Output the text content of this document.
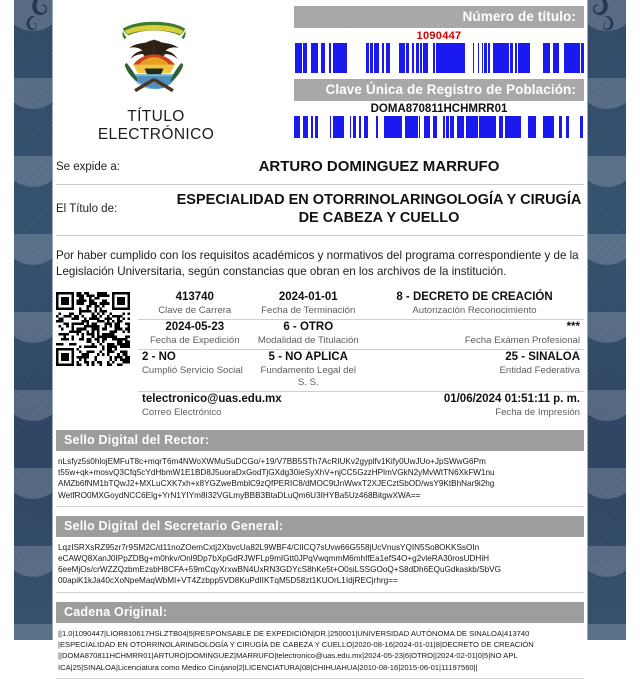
TÍTULO
ELECTRÓNICO
Número de título:
1090447
Clave Única de Registro de Población:
DOMA870811HCHMRR01
Se expide a:	ARTURO DOMINGUEZ MARRUFO
El Título de:
ESPECIALIDAD EN OTORRINOLARINGOLOGÍA Y CIRUGÍA DE CABEZA Y CUELLO
Por haber cumplido con los requisitos académicos y normativos del programa correspondiente y de la Legislación Universitaria, según constancias que obran en los archivos de la institución.
413740
Clave de Carrera
2024-01-01
Fecha de Terminación
8 - DECRETO DE CREACIÓN
Autorización Reconocimiento
2024-05-23
Fecha de Expedición
6 - OTRO
Modalidad de Titulación
***
Fecha Exámen Profesional
2 - NO
Cumplió Servicio Social
5 - NO APLICA
Fundamento Legal del S. S.
25 - SINALOA
Entidad Federativa
telectronico@uas.edu.mx
Correo Electrónico
01/06/2024 01:51:11 p. m.
Fecha de Impresión
Sello Digital del Rector:
nLsfyz5s0hlojEMFuT8c+mqrT6m4NWoXWMuSuDCGo/+19/V7BB5STh7AcRIUKv2gyplfv1Kify0UwJUo+JpSWwG6Pm
t55w+qk+mosvQ3Cfq5cYdHbmW1E1BD8J5uoraDxGodTjGXdg30ieSyXhV+njCC5GzzHPlmVGkN2yMvWtTN6XkFW1nu
AMZb6fNM1bTQwJ2+MXLuCXK7xh+x8YGZweBmblC9zQfPERIC8/dMOC9tJnWwxT2XJECztSbOD/wsY9KtBhNar9i2hg
WetfRO0MXGoydNCC6Elg+YrN1YIYm8I32VGLmyBBB3BtaDLuQm6U3IHYBa5Uz468BitgwXWA==
Sello Digital del Secretario General:
LqzISRXsRZ95zr7r9SM2C/d11noZOemCxtj2XbvcUa82L9WBF4/ClICQ7sUvw66G558jUcVnusYQIN5So8OKKSsOIn
eCAWQ8XanJ0IPpZDBg+m0hkv/Onl9Dp7bXpGdRJWFLp9mIGtt0JPqVwqmmM6mhIfEa1efS4O+g2vleRA30rosUDHiH
6eeMjOs/crWZZQzbmEzsbH8CFA+59mCqyXrxwBN4UxRN3GDYcS8hKe5t+O0siLSSGOoQ+S8dDh6EQuGdkaskb/SbVG
00apiK1kJa40cXoNpeMaqWbMI+VT4Zzbpp5VD8KuPdIIKTqM5D58zt1KUOrL1IdjRECjrhrg==
Cadena Original:
||1.0|1090447|LIOR810617HSLZTB04|5|RESPONSABLE DE EXPEDICIÓN|DR.|250001|UNIVERSIDAD AUTÓNOMA DE SINALOA|413740
|ESPECIALIDAD EN OTORRINOLARINGOLOGÍA Y CIRUGÍA DE CABEZA Y CUELLO|2020-08-16|2024-01-01|8|DECRETO DE CREACIÓN
||DOMA870811HCHMRR01|ARTURO|DOMINGUEZ|MARRUFO|telectronico@uas.edu.mx|2024-05-23|6|OTRO||2024-02-01|0|5|NO APL
ICA|25|SINALOA|Licenciatura como Medico Cirujano|2|LICENCIATURA|08|CHIHUAHUA|2010-08-16|2015-06-01|11197560||
